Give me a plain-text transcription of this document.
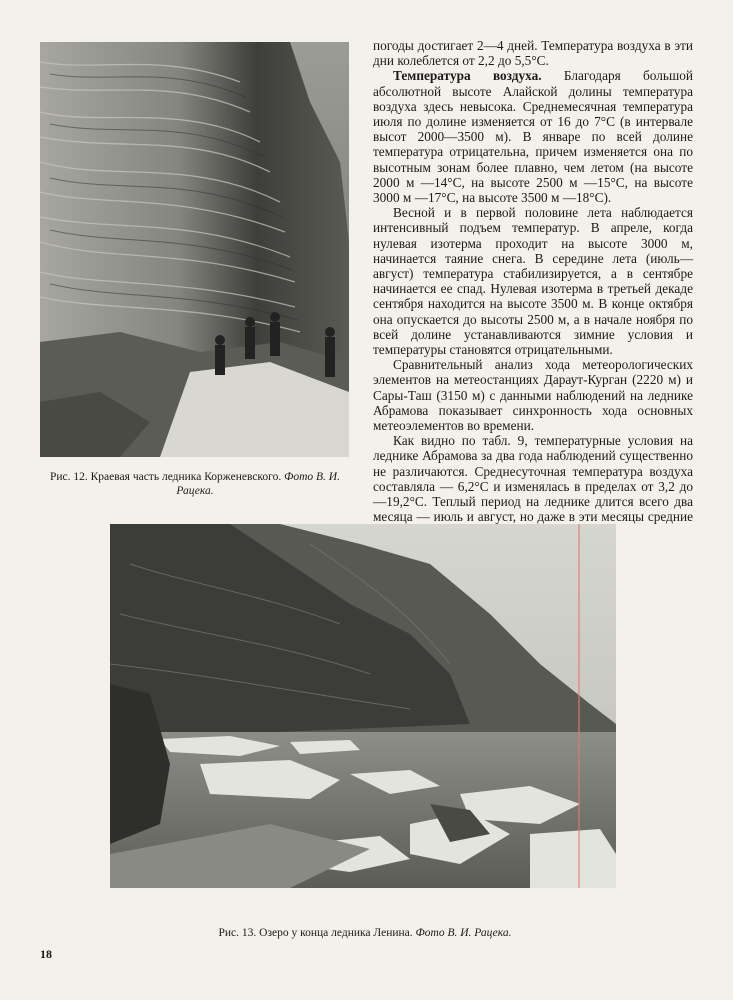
Рис. 12. Краевая часть ледника Корженевского. Фото В. И. Рацека.

погоды достигает 2—4 дней. Температура воздуха в эти дни колеблется от 2,2 до 5,5°С.

Температура воздуха. Благодаря большой абсолютной высоте Алайской долины температура воздуха здесь невысока. Среднемесячная температура июля по долине изменяется от 16 до 7°С (в интервале высот 2000—3500 м). В январе по всей долине температура отрицательна, причем изменяется она по высотным зонам более плавно, чем летом (на высоте 2000 м —14°С, на высоте 2500 м —15°С, на высоте 3000 м —17°С, на высоте 3500 м —18°С).

Весной и в первой половине лета наблюдается интенсивный подъем температур. В апреле, когда нулевая изотерма проходит на высоте 3000 м, начинается таяние снега. В середине лета (июль—август) температура стабилизируется, а в сентябре начинается ее спад. Нулевая изотерма в третьей декаде сентября находится на высоте 3500 м. В конце октября она опускается до высоты 2500 м, а в начале ноября по всей долине устанавливаются зимние условия и температуры становятся отрицательными.

Сравнительный анализ хода метеорологических элементов на метеостанциях Дараут-Курган (2220 м) и Сары-Таш (3150 м) с данными наблюдений на леднике Абрамова показывает синхронность хода основных метеоэлементов во времени.

Как видно по табл. 9, температурные условия на леднике Абрамова за два года наблюдений существенно не различаются. Среднесуточная температура воздуха составляла — 6,2°С и изменялась в пределах от 3,2 до —19,2°С. Теплый период на леднике длится всего два месяца — июль и август, но даже в эти месяцы средние

Рис. 13. Озеро у конца ледника Ленина. Фото В. И. Рацека.
18
